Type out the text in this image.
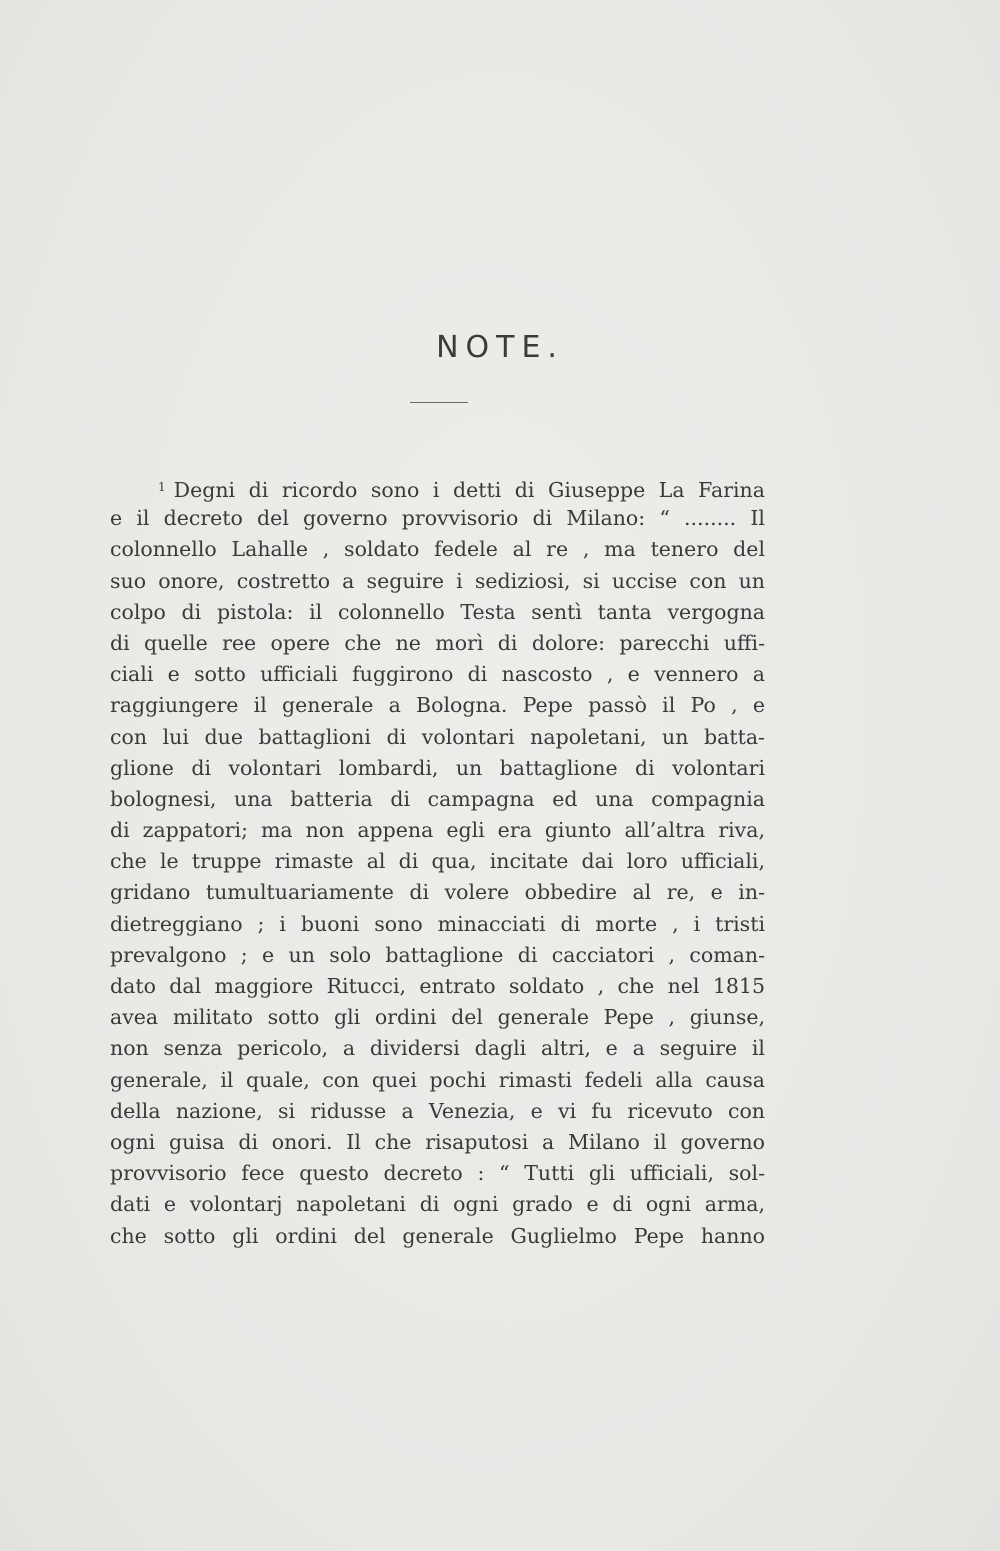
NOTE.
$^1$ Degni di ricordo sono i detti di Giuseppe La Farina
e il decreto del governo provvisorio di Milano: “ ........ Il
colonnello Lahalle , soldato fedele al re , ma tenero del
suo onore, costretto a seguire i sediziosi, si uccise con un
colpo di pistola: il colonnello Testa sentì tanta vergogna
di quelle ree opere che ne morì di dolore: parecchi uffi-
ciali e sotto ufficiali fuggirono di nascosto , e vennero a
raggiungere il generale a Bologna. Pepe passò il Po , e
con lui due battaglioni di volontari napoletani, un batta-
glione di volontari lombardi, un battaglione di volontari
bolognesi, una batteria di campagna ed una compagnia
di zappatori; ma non appena egli era giunto all’altra riva,
che le truppe rimaste al di qua, incitate dai loro ufficiali,
gridano tumultuariamente di volere obbedire al re, e in-
dietreggiano ; i buoni sono minacciati di morte , i tristi
prevalgono ; e un solo battaglione di cacciatori , coman-
dato dal maggiore Ritucci, entrato soldato , che nel 1815
avea militato sotto gli ordini del generale Pepe , giunse,
non senza pericolo, a dividersi dagli altri, e a seguire il
generale, il quale, con quei pochi rimasti fedeli alla causa
della nazione, si ridusse a Venezia, e vi fu ricevuto con
ogni guisa di onori. Il che risaputosi a Milano il governo
provvisorio fece questo decreto : “ Tutti gli ufficiali, sol-
dati e volontarj napoletani di ogni grado e di ogni arma,
che sotto gli ordini del generale Guglielmo Pepe hanno
